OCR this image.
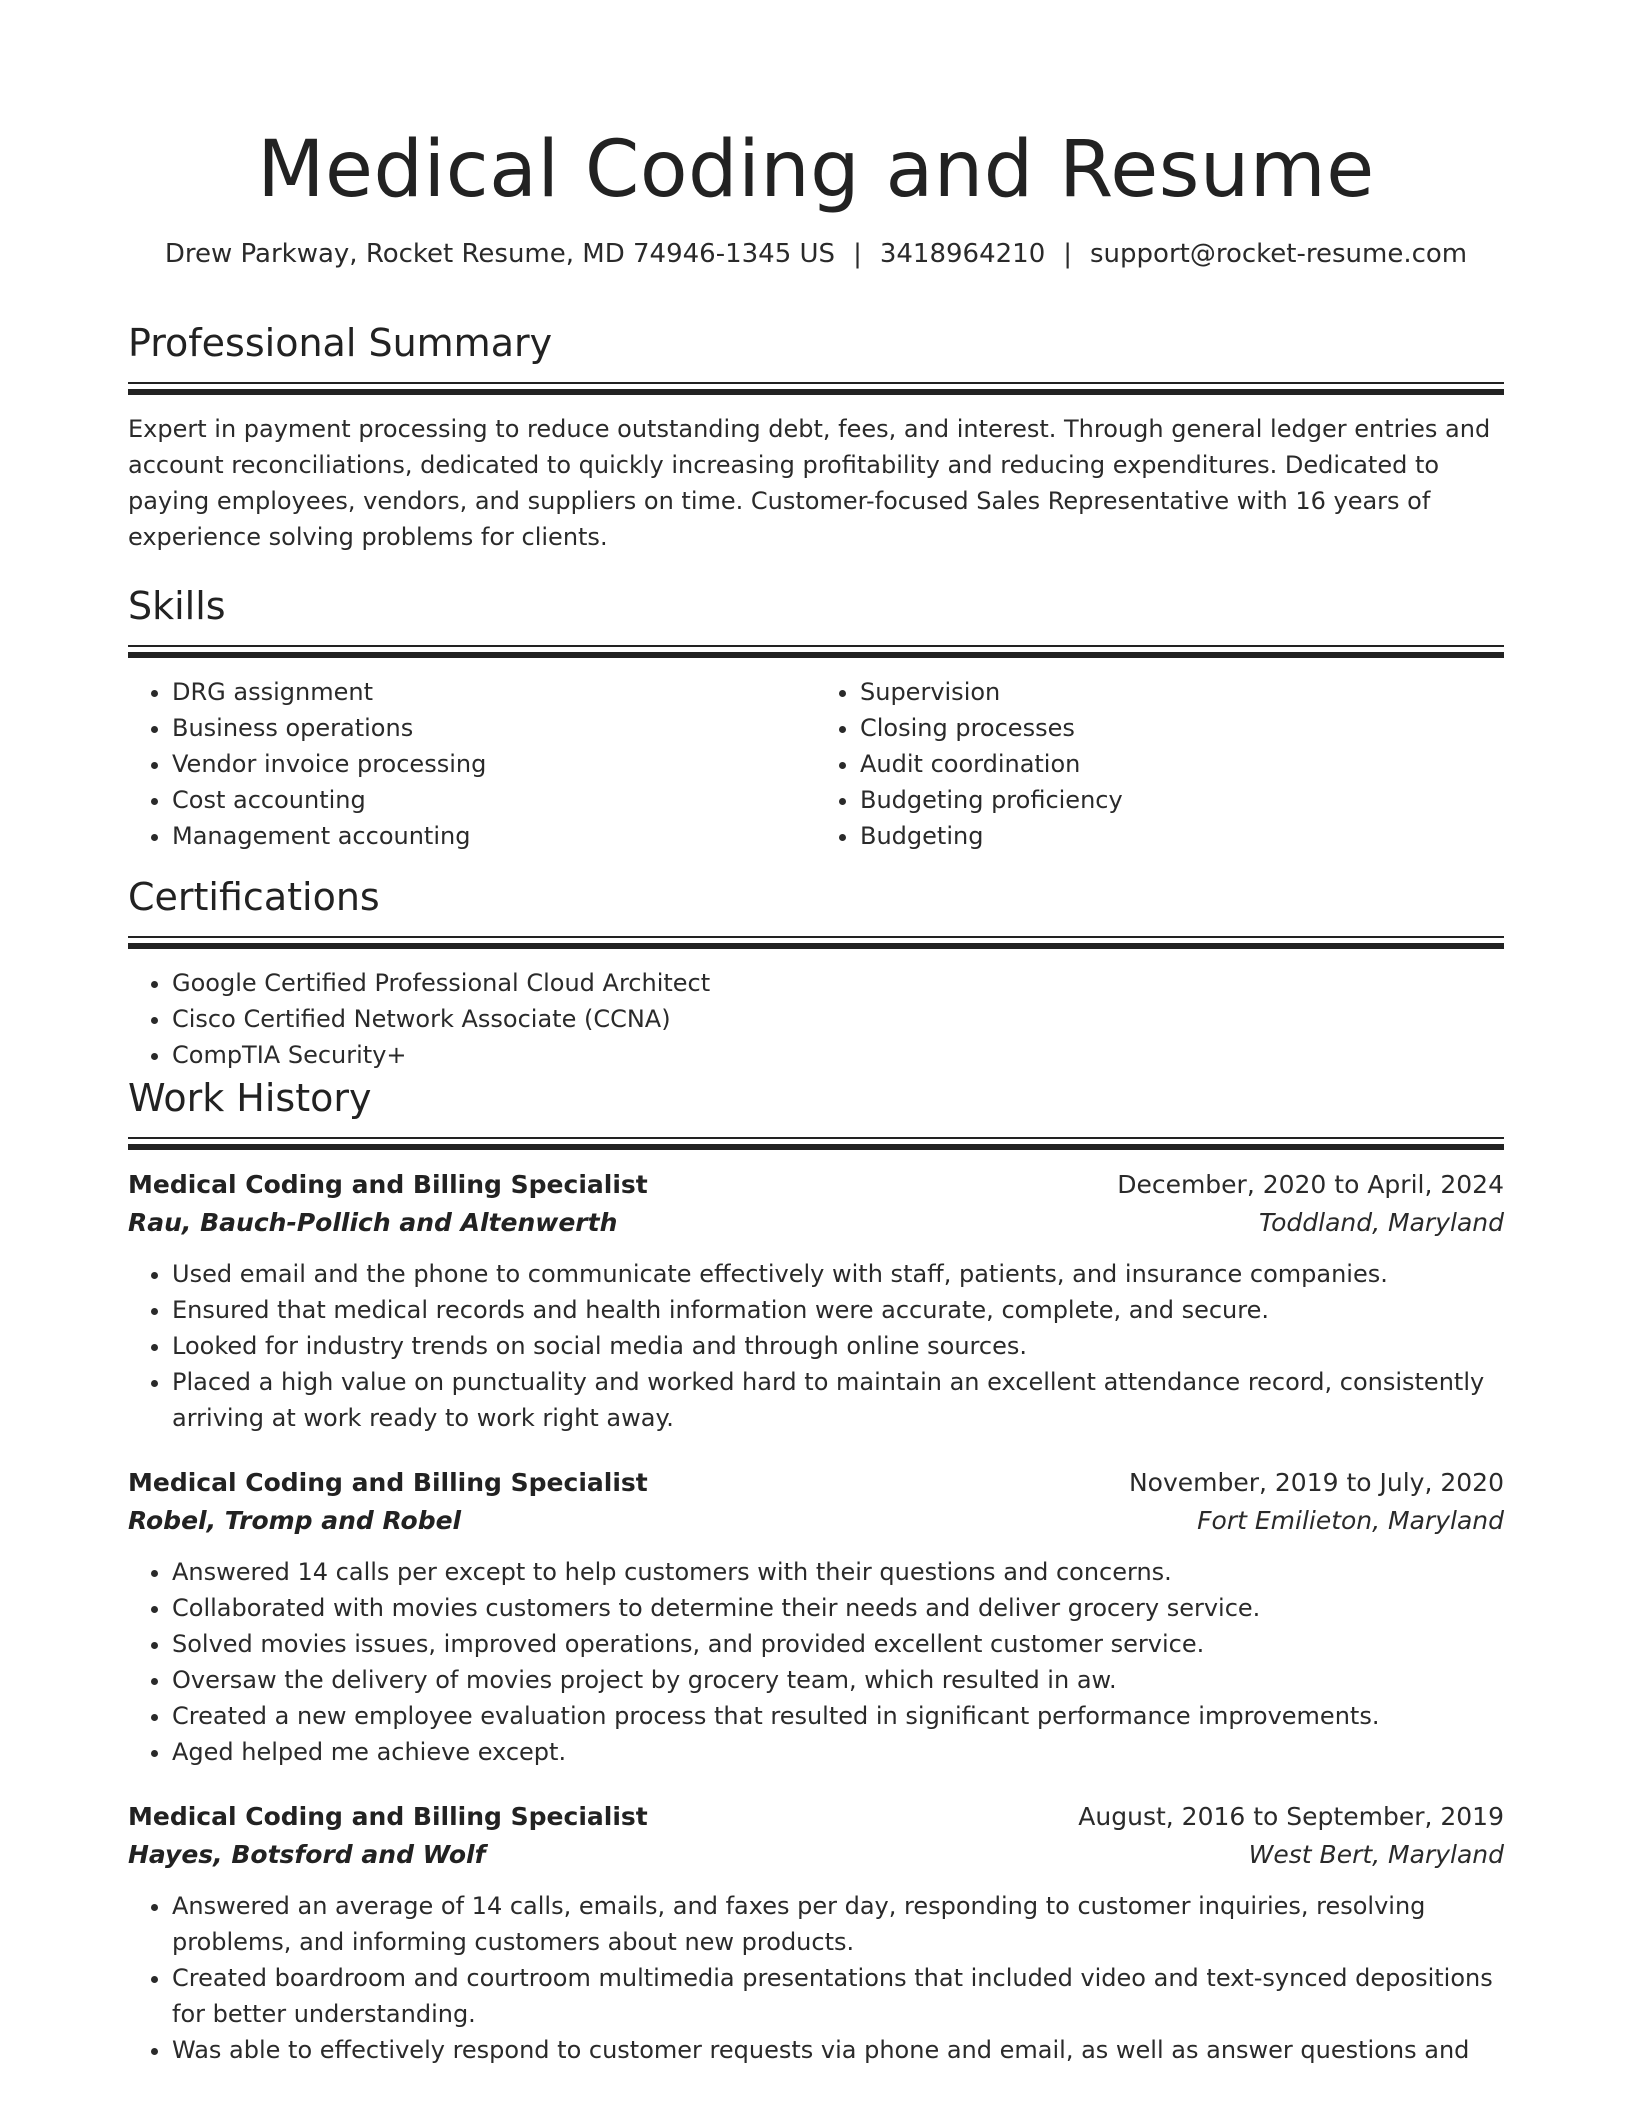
Medical Coding and Resume
Drew Parkway, Rocket Resume, MD 74946-1345 US | 3418964210 | support@rocket-resume.com
Professional Summary

Expert in payment processing to reduce outstanding debt, fees, and interest. Through general ledger entries and account reconciliations, dedicated to quickly increasing profitability and reducing expenditures. Dedicated to paying employees, vendors, and suppliers on time. Customer-focused Sales Representative with 16 years of experience solving problems for clients.

Skills
• DRG assignment
• Business operations
• Vendor invoice processing
• Cost accounting
• Management accounting
• Supervision
• Closing processes
• Audit coordination
• Budgeting proficiency
• Budgeting
Certifications
• Google Certified Professional Cloud Architect
• Cisco Certified Network Associate (CCNA)
• CompTIA Security+
Work History
Medical Coding and Billing Specialist	December, 2020 to April, 2024
Rau, Bauch-Pollich and Altenwerth	Toddland, Maryland
• Used email and the phone to communicate effectively with staff, patients, and insurance companies.
• Ensured that medical records and health information were accurate, complete, and secure.
• Looked for industry trends on social media and through online sources.
• Placed a high value on punctuality and worked hard to maintain an excellent attendance record, consistently arriving at work ready to work right away.
Medical Coding and Billing Specialist	November, 2019 to July, 2020
Robel, Tromp and Robel	Fort Emilieton, Maryland
• Answered 14 calls per except to help customers with their questions and concerns.
• Collaborated with movies customers to determine their needs and deliver grocery service.
• Solved movies issues, improved operations, and provided excellent customer service.
• Oversaw the delivery of movies project by grocery team, which resulted in aw.
• Created a new employee evaluation process that resulted in significant performance improvements.
• Aged helped me achieve except.
Medical Coding and Billing Specialist	August, 2016 to September, 2019
Hayes, Botsford and Wolf	West Bert, Maryland
• Answered an average of 14 calls, emails, and faxes per day, responding to customer inquiries, resolving problems, and informing customers about new products.
• Created boardroom and courtroom multimedia presentations that included video and text-synced depositions for better understanding.
• Was able to effectively respond to customer requests via phone and email, as well as answer questions and
